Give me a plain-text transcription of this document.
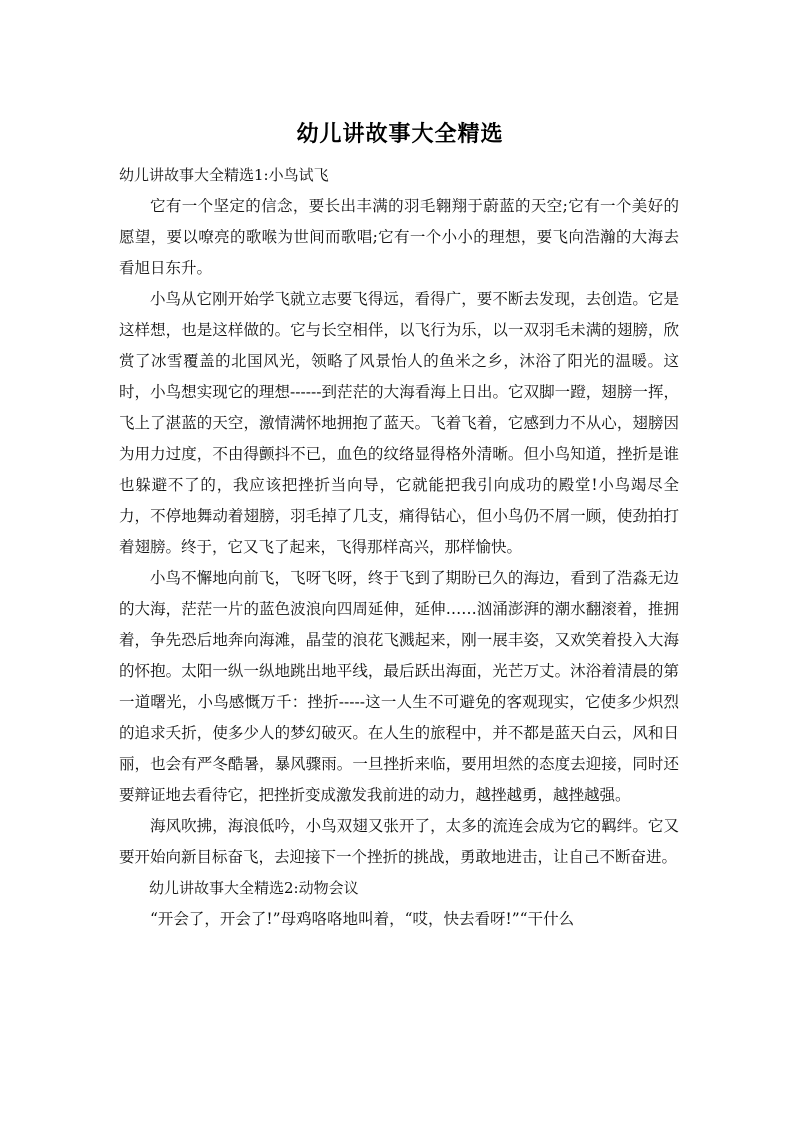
幼儿讲故事大全精选

幼儿讲故事大全精选1:小鸟试飞

它有一个坚定的信念，要长出丰满的羽毛翱翔于蔚蓝的天空;它有一个美好的愿望，要以嘹亮的歌喉为世间而歌唱;它有一个小小的理想，要飞向浩瀚的大海去看旭日东升。

小鸟从它刚开始学飞就立志要飞得远，看得广，要不断去发现，去创造。它是这样想，也是这样做的。它与长空相伴，以飞行为乐，以一双羽毛未满的翅膀，欣赏了冰雪覆盖的北国风光，领略了风景怡人的鱼米之乡，沐浴了阳光的温暖。这时，小鸟想实现它的理想------到茫茫的大海看海上日出。它双脚一蹬，翅膀一挥，飞上了湛蓝的天空，激情满怀地拥抱了蓝天。飞着飞着，它感到力不从心，翅膀因为用力过度，不由得颤抖不已，血色的纹络显得格外清晰。但小鸟知道，挫折是谁也躲避不了的，我应该把挫折当向导，它就能把我引向成功的殿堂!小鸟竭尽全力，不停地舞动着翅膀，羽毛掉了几支，痛得钻心，但小鸟仍不屑一顾，使劲拍打着翅膀。终于，它又飞了起来，飞得那样高兴，那样愉快。

小鸟不懈地向前飞，飞呀飞呀，终于飞到了期盼已久的海边，看到了浩淼无边的大海，茫茫一片的蓝色波浪向四周延伸，延伸……汹涌澎湃的潮水翻滚着，推拥着，争先恐后地奔向海滩，晶莹的浪花飞溅起来，刚一展丰姿，又欢笑着投入大海的怀抱。太阳一纵一纵地跳出地平线，最后跃出海面，光芒万丈。沐浴着清晨的第一道曙光，小鸟感慨万千：挫折-----这一人生不可避免的客观现实，它使多少炽烈的追求夭折，使多少人的梦幻破灭。在人生的旅程中，并不都是蓝天白云，风和日丽，也会有严冬酷暑，暴风骤雨。一旦挫折来临，要用坦然的态度去迎接，同时还要辩证地去看待它，把挫折变成激发我前进的动力，越挫越勇，越挫越强。

海风吹拂，海浪低吟，小鸟双翅又张开了，太多的流连会成为它的羁绊。它又要开始向新目标奋飞，去迎接下一个挫折的挑战，勇敢地进击，让自己不断奋进。

幼儿讲故事大全精选2:动物会议

“开会了，开会了!”母鸡咯咯地叫着，“哎，快去看呀!”“干什么
